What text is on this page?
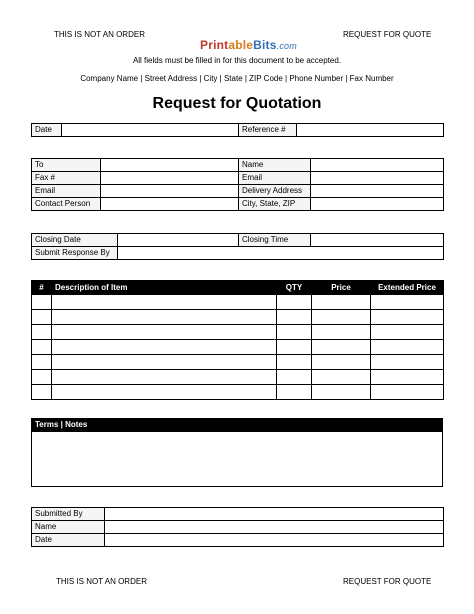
THIS IS NOT AN ORDER	REQUEST FOR QUOTE
PrintableBits.com
All fields must be filled in for this document to be accepted.
Company Name | Street Address | City | State | ZIP Code | Phone Number | Fax Number
Request for Quotation
Date		Reference #	
To		Name	
Fax #		Email	
Email		Delivery Address	
Contact Person		City, State, ZIP	
Closing Date		Closing Time	
Submit Response By			
#	Description of Item	QTY	Price	Extended Price

Terms | Notes
Submitted By	
Name	
Date	
THIS IS NOT AN ORDER	REQUEST FOR QUOTE
